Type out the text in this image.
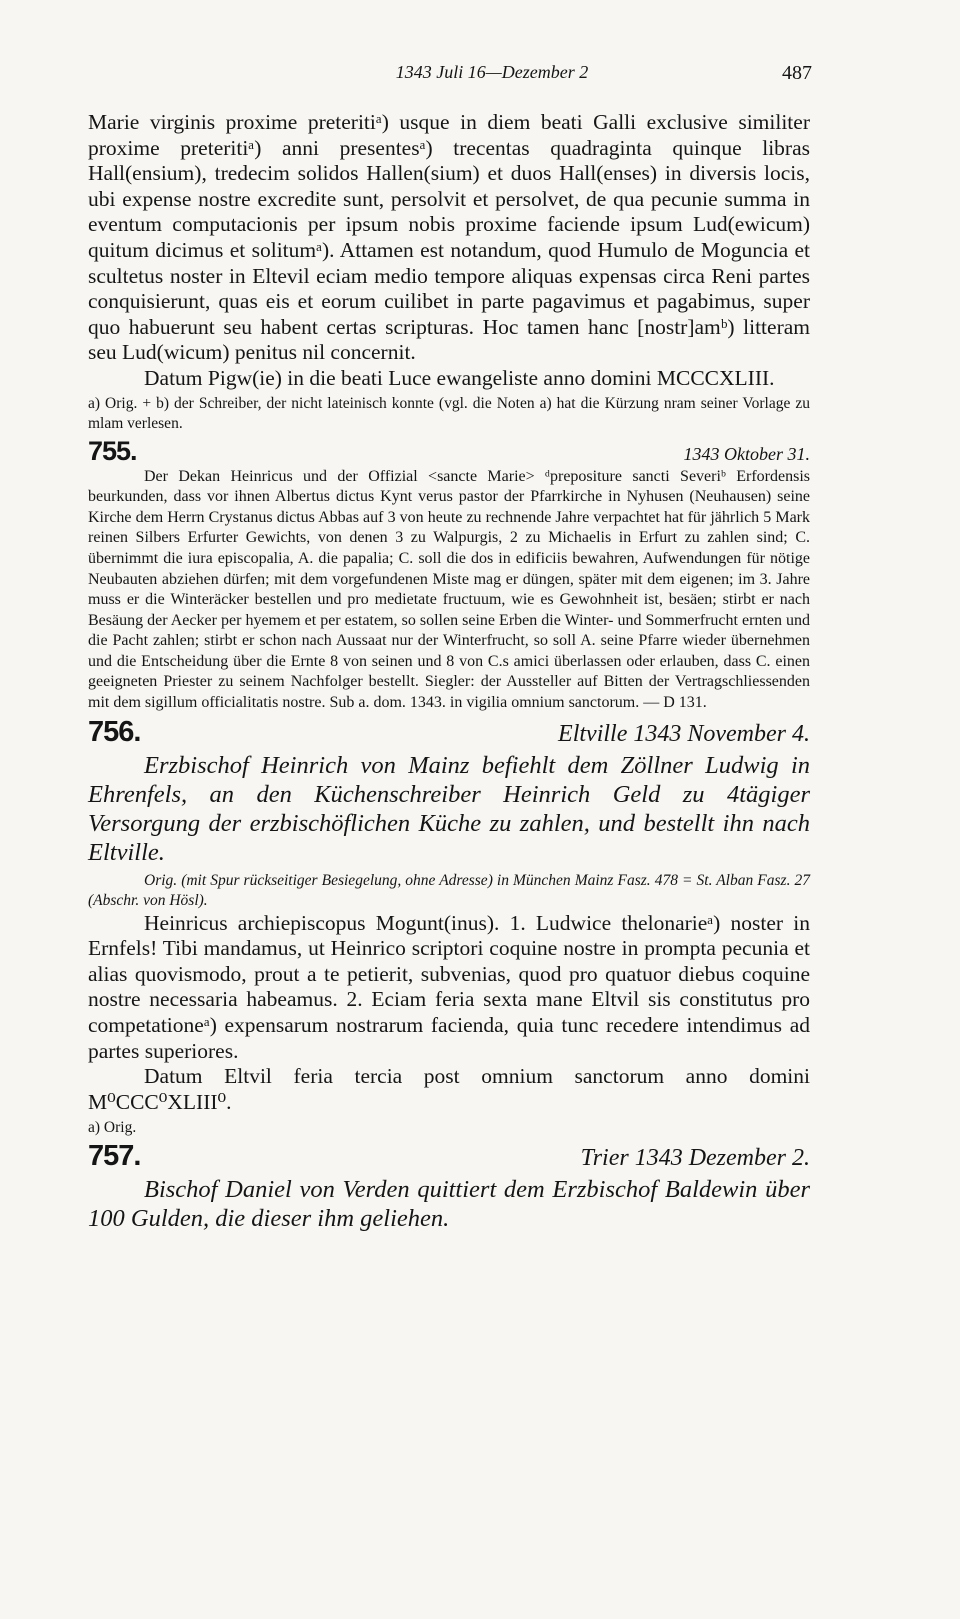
1343 Juli 16—Dezember 2	487

Marie virginis proxime preteritiᵃ) usque in diem beati Galli exclusive similiter proxime preteritiᵃ) anni presentesᵃ) trecentas quadraginta quinque libras Hall(ensium), tredecim solidos Hallen(sium) et duos Hall(enses) in diversis locis, ubi expense nostre excredite sunt, persolvit et persolvet, de qua pecunie summa in eventum computacionis per ipsum nobis proxime faciende ipsum Lud(ewicum) quitum dicimus et solitumᵃ). Attamen est notandum, quod Humulo de Moguncia et scultetus noster in Eltevil eciam medio tempore aliquas expensas circa Reni partes conquisierunt, quas eis et eorum cuilibet in parte pagavimus et pagabimus, super quo habuerunt seu habent certas scripturas. Hoc tamen hanc [nostr]amᵇ) litteram seu Lud(wicum) penitus nil concernit.

Datum Pigw(ie) in die beati Luce ewangeliste anno domini MCCCXLIII.

a) Orig. + b) der Schreiber, der nicht lateinisch konnte (vgl. die Noten a) hat die Kürzung nram seiner Vorlage zu mlam verlesen.

755.	1343 Oktober 31.

Der Dekan Heinricus und der Offizial <sancte Marie> ᵈprepositure sancti Severiᵇ Erfordensis beurkunden, dass vor ihnen Albertus dictus Kynt verus pastor der Pfarrkirche in Nyhusen (Neuhausen) seine Kirche dem Herrn Crystanus dictus Abbas auf 3 von heute zu rechnende Jahre verpachtet hat für jährlich 5 Mark reinen Silbers Erfurter Gewichts, von denen 3 zu Walpurgis, 2 zu Michaelis in Erfurt zu zahlen sind; C. übernimmt die iura episcopalia, A. die papalia; C. soll die dos in edificiis bewahren, Aufwendungen für nötige Neubauten abziehen dürfen; mit dem vorgefundenen Miste mag er düngen, später mit dem eigenen; im 3. Jahre muss er die Winteräcker bestellen und pro medietate fructuum, wie es Gewohnheit ist, besäen; stirbt er nach Besäung der Aecker per hyemem et per estatem, so sollen seine Erben die Winter- und Sommerfrucht ernten und die Pacht zahlen; stirbt er schon nach Aussaat nur der Winterfrucht, so soll A. seine Pfarre wieder übernehmen und die Entscheidung über die Ernte 8 von seinen und 8 von C.s amici überlassen oder erlauben, dass C. einen geeigneten Priester zu seinem Nachfolger bestellt. Siegler: der Aussteller auf Bitten der Vertragschliessenden mit dem sigillum officialitatis nostre. Sub a. dom. 1343. in vigilia omnium sanctorum. — D 131.

756.	Eltville 1343 November 4.

Erzbischof Heinrich von Mainz befiehlt dem Zöllner Ludwig in Ehrenfels, an den Küchenschreiber Heinrich Geld zu 4tägiger Versorgung der erzbischöflichen Küche zu zahlen, und bestellt ihn nach Eltville.

Orig. (mit Spur rückseitiger Besiegelung, ohne Adresse) in München Mainz Fasz. 478 = St. Alban Fasz. 27 (Abschr. von Hösl).

Heinricus archiepiscopus Mogunt(inus). 1. Ludwice thelonarieᵃ) noster in Ernfels! Tibi mandamus, ut Heinrico scriptori coquine nostre in prompta pecunia et alias quovismodo, prout a te petierit, subvenias, quod pro quatuor diebus coquine nostre necessaria habeamus. 2. Eciam feria sexta mane Eltvil sis constitutus pro competationeᵃ) expensarum nostrarum facienda, quia tunc recedere intendimus ad partes superiores.

Datum Eltvil feria tercia post omnium sanctorum anno domini M⁰CCC⁰XLIII⁰.

a) Orig.

757.	Trier 1343 Dezember 2.

Bischof Daniel von Verden quittiert dem Erzbischof Baldewin über 100 Gulden, die dieser ihm geliehen.
